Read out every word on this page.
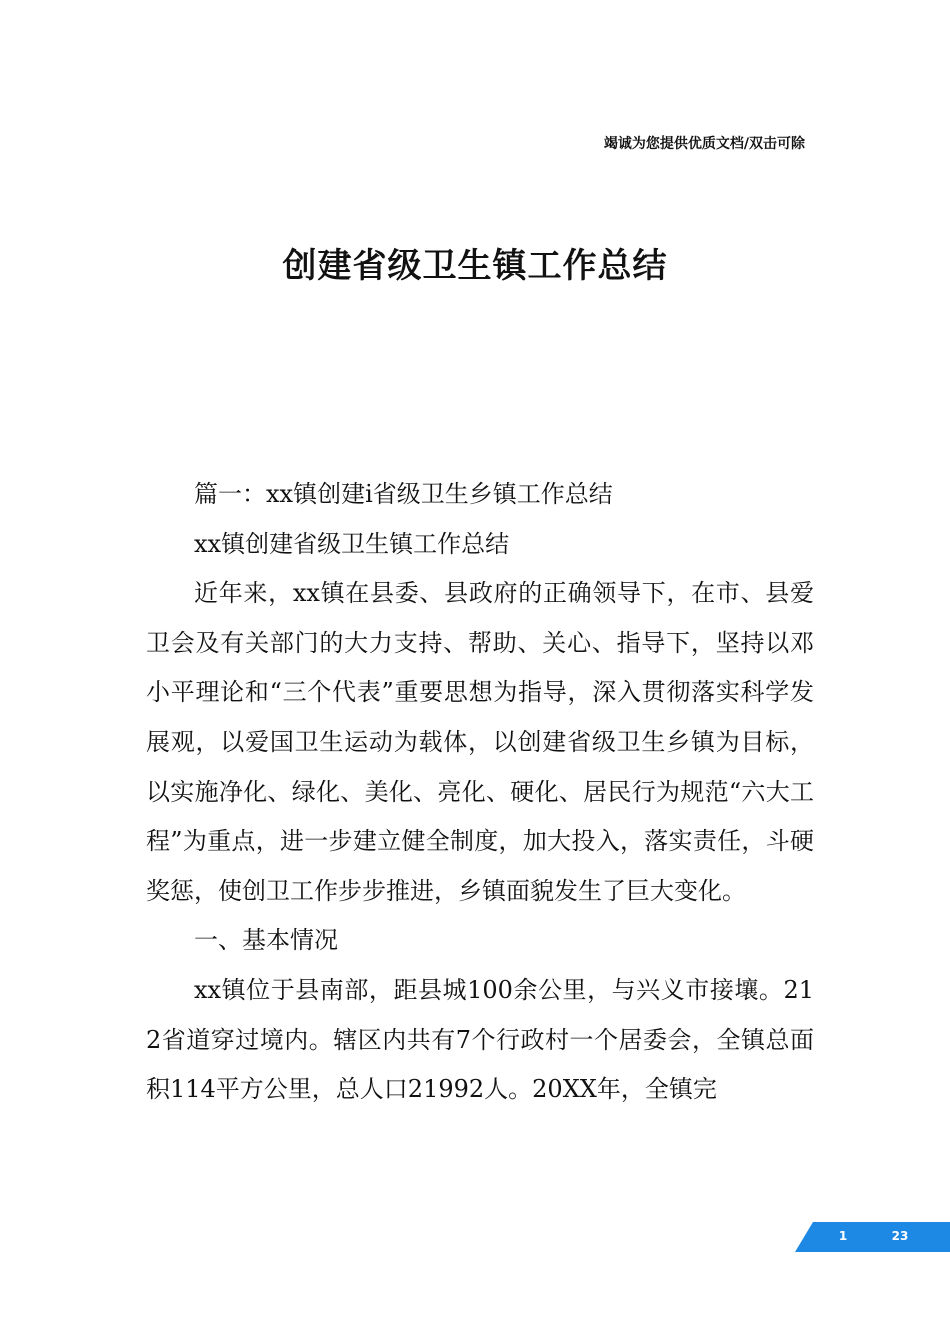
竭诚为您提供优质文档/双击可除
创建省级卫生镇工作总结

篇一：xx镇创建i省级卫生乡镇工作总结

xx镇创建省级卫生镇工作总结

近年来，xx镇在县委、县政府的正确领导下，在市、县爱卫会及有关部门的大力支持、帮助、关心、指导下，坚持以邓小平理论和“三个代表”重要思想为指导，深入贯彻落实科学发展观，以爱国卫生运动为载体，以创建省级卫生乡镇为目标，以实施净化、绿化、美化、亮化、硬化、居民行为规范“六大工程”为重点，进一步建立健全制度，加大投入，落实责任，斗硬奖惩，使创卫工作步步推进，乡镇面貌发生了巨大变化。

一、基本情况

xx镇位于县南部，距县城100余公里，与兴义市接壤。212省道穿过境内。辖区内共有7个行政村一个居委会，全镇总面积114平方公里，总人口21992人。20XX年，全镇完

1	23
